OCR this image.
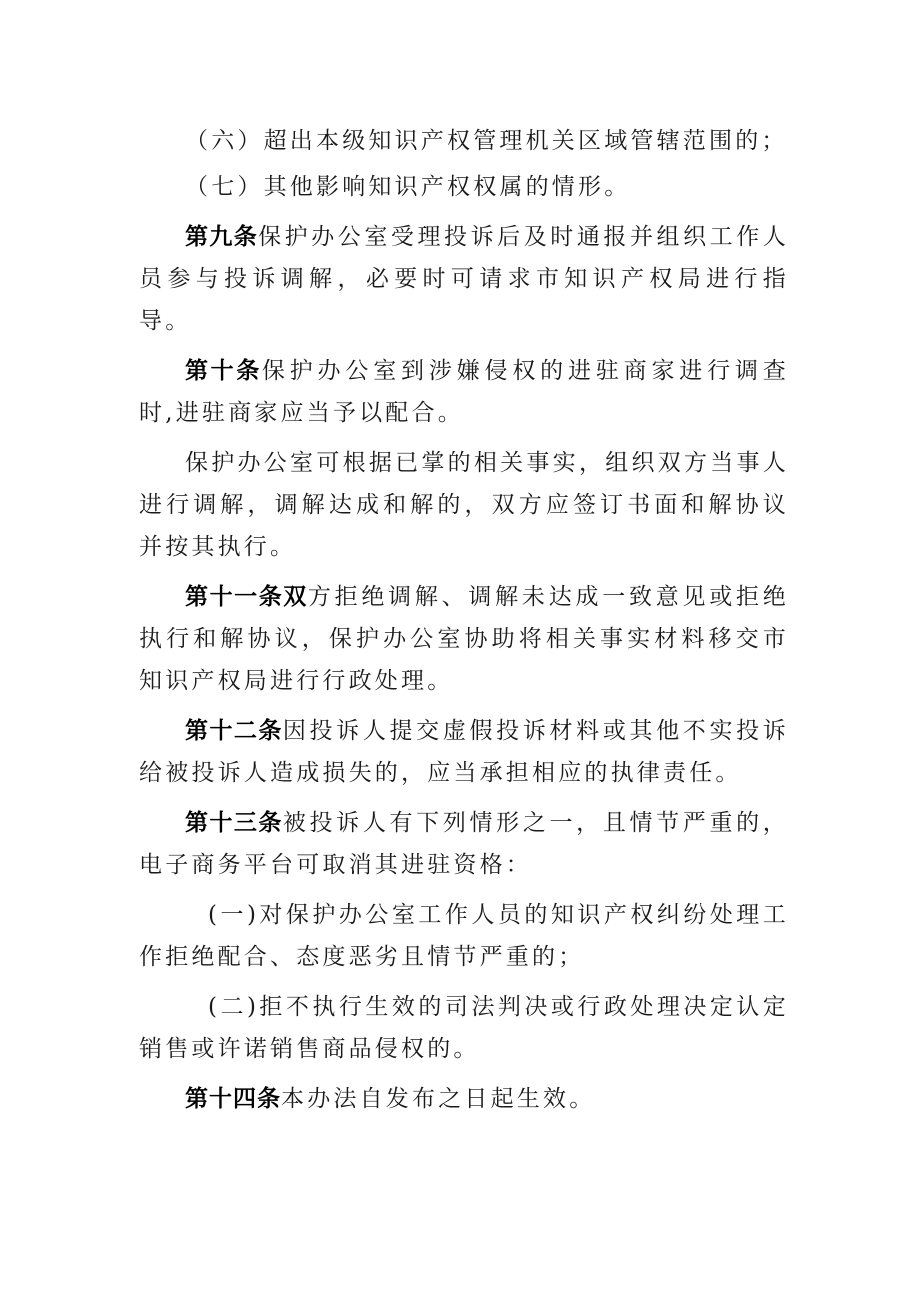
（六）超出本级知识产权管理机关区域管辖范围的；

（七）其他影响知识产权权属的情形。

第九条保护办公室受理投诉后及时通报并组织工作人员参与投诉调解，必要时可请求市知识产权局进行指导。

第十条保护办公室到涉嫌侵权的进驻商家进行调查时,进驻商家应当予以配合。

保护办公室可根据已掌的相关事实，组织双方当事人进行调解，调解达成和解的，双方应签订书面和解协议并按其执行。

第十一条双方拒绝调解、调解未达成一致意见或拒绝执行和解协议，保护办公室协助将相关事实材料移交市知识产权局进行行政处理。

第十二条因投诉人提交虚假投诉材料或其他不实投诉给被投诉人造成损失的，应当承担相应的执律责任。

第十三条被投诉人有下列情形之一，且情节严重的，电子商务平台可取消其进驻资格：

(一)对保护办公室工作人员的知识产权纠纷处理工作拒绝配合、态度恶劣且情节严重的；

(二)拒不执行生效的司法判决或行政处理决定认定销售或许诺销售商品侵权的。

第十四条本办法自发布之日起生效。
